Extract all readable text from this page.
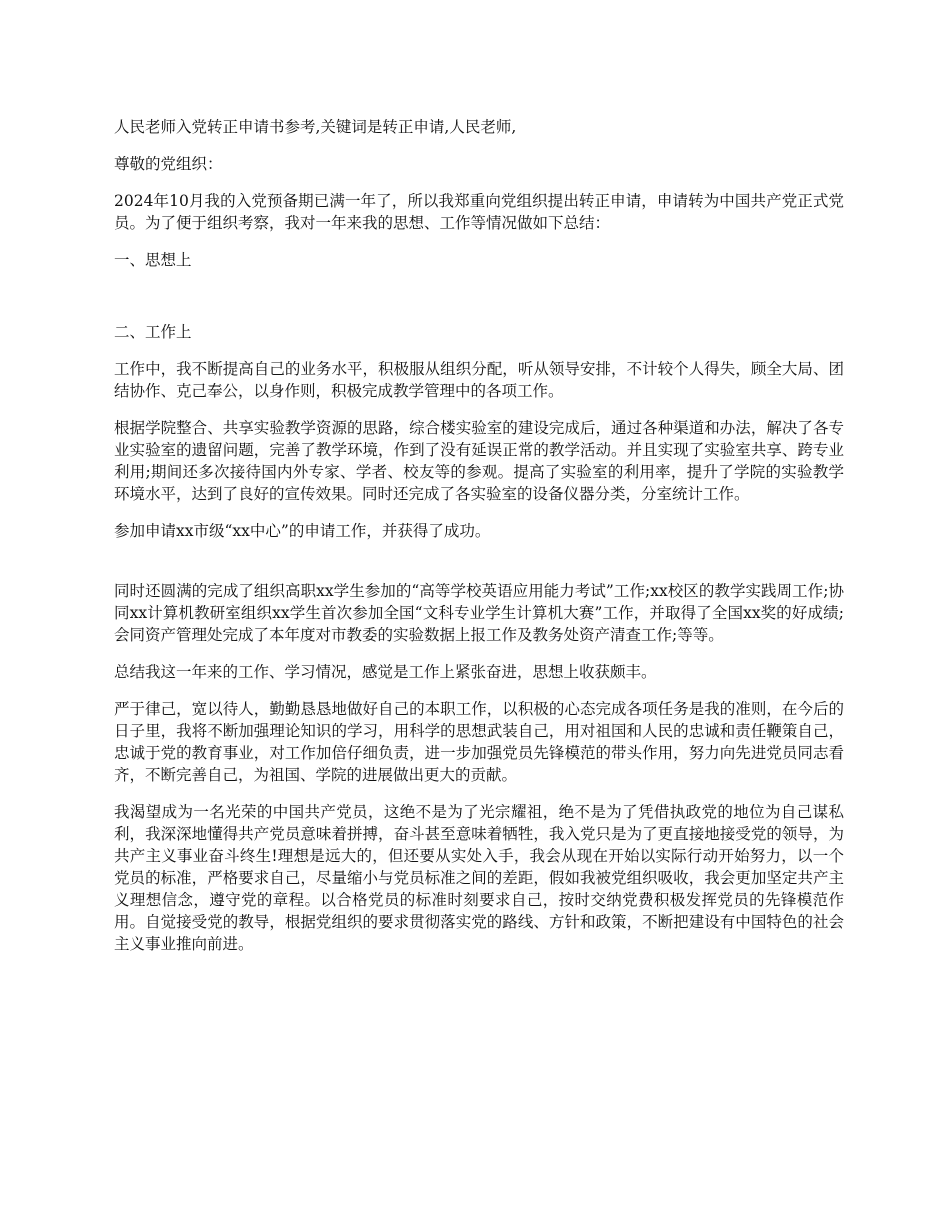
人民老师入党转正申请书参考,关键词是转正申请,人民老师,

尊敬的党组织：

2024年10月我的入党预备期已满一年了，所以我郑重向党组织提出转正申请，申请转为中国共产党正式党员。为了便于组织考察，我对一年来我的思想、工作等情况做如下总结：

一、思想上

二、工作上

工作中，我不断提高自己的业务水平，积极服从组织分配，听从领导安排，不计较个人得失，顾全大局、团结协作、克己奉公，以身作则，积极完成教学管理中的各项工作。

根据学院整合、共享实验教学资源的思路，综合楼实验室的建设完成后，通过各种渠道和办法，解决了各专业实验室的遗留问题，完善了教学环境，作到了没有延误正常的教学活动。并且实现了实验室共享、跨专业利用;期间还多次接待国内外专家、学者、校友等的参观。提高了实验室的利用率，提升了学院的实验教学环境水平，达到了良好的宣传效果。同时还完成了各实验室的设备仪器分类，分室统计工作。

参加申请xx市级“xx中心”的申请工作，并获得了成功。

同时还圆满的完成了组织高职xx学生参加的“高等学校英语应用能力考试”工作;xx校区的教学实践周工作;协同xx计算机教研室组织xx学生首次参加全国“文科专业学生计算机大赛”工作，并取得了全国xx奖的好成绩;会同资产管理处完成了本年度对市教委的实验数据上报工作及教务处资产清查工作;等等。

总结我这一年来的工作、学习情况，感觉是工作上紧张奋进，思想上收获颇丰。

严于律己，宽以待人，勤勤恳恳地做好自己的本职工作，以积极的心态完成各项任务是我的准则，在今后的日子里，我将不断加强理论知识的学习，用科学的思想武装自己，用对祖国和人民的忠诚和责任鞭策自己，忠诚于党的教育事业，对工作加倍仔细负责，进一步加强党员先锋模范的带头作用，努力向先进党员同志看齐，不断完善自己，为祖国、学院的进展做出更大的贡献。

我渴望成为一名光荣的中国共产党员，这绝不是为了光宗耀祖，绝不是为了凭借执政党的地位为自己谋私利，我深深地懂得共产党员意味着拼搏，奋斗甚至意味着牺牲，我入党只是为了更直接地接受党的领导，为共产主义事业奋斗终生!理想是远大的，但还要从实处入手，我会从现在开始以实际行动开始努力，以一个党员的标准，严格要求自己，尽量缩小与党员标准之间的差距，假如我被党组织吸收，我会更加坚定共产主义理想信念，遵守党的章程。以合格党员的标准时刻要求自己，按时交纳党费积极发挥党员的先锋模范作用。自觉接受党的教导，根据党组织的要求贯彻落实党的路线、方针和政策，不断把建设有中国特色的社会主义事业推向前进。
